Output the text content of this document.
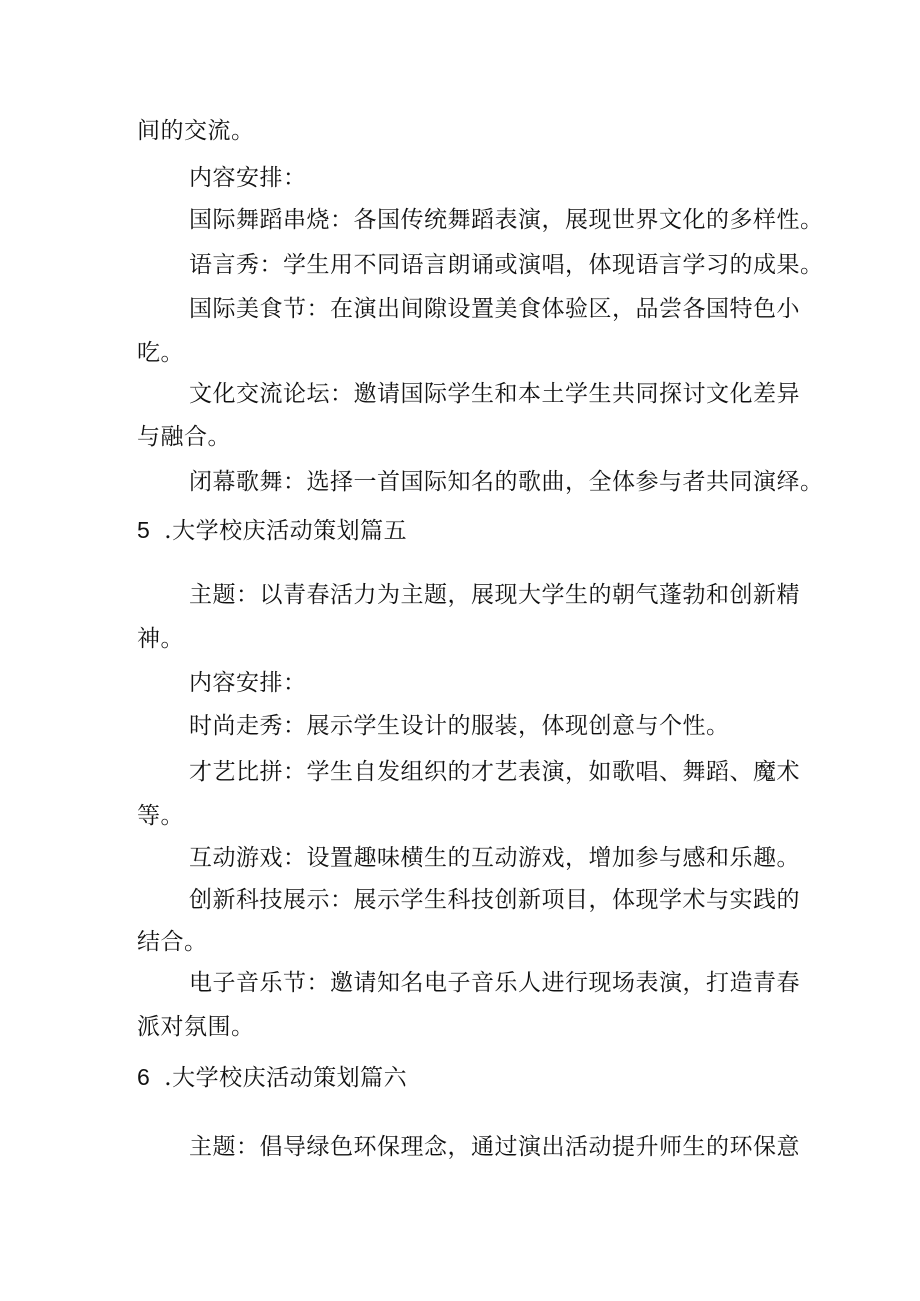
间的交流。
内容安排：
国际舞蹈串烧：各国传统舞蹈表演，展现世界文化的多样性。
语言秀：学生用不同语言朗诵或演唱，体现语言学习的成果。
国际美食节：在演出间隙设置美食体验区，品尝各国特色小
吃。
文化交流论坛：邀请国际学生和本土学生共同探讨文化差异
与融合。
闭幕歌舞：选择一首国际知名的歌曲，全体参与者共同演绎。
5 .大学校庆活动策划篇五
主题：以青春活力为主题，展现大学生的朝气蓬勃和创新精
神。
内容安排：
时尚走秀：展示学生设计的服装，体现创意与个性。
才艺比拼：学生自发组织的才艺表演，如歌唱、舞蹈、魔术
等。
互动游戏：设置趣味横生的互动游戏，增加参与感和乐趣。
创新科技展示：展示学生科技创新项目，体现学术与实践的
结合。
电子音乐节：邀请知名电子音乐人进行现场表演，打造青春
派对氛围。
6 .大学校庆活动策划篇六
主题：倡导绿色环保理念，通过演出活动提升师生的环保意
